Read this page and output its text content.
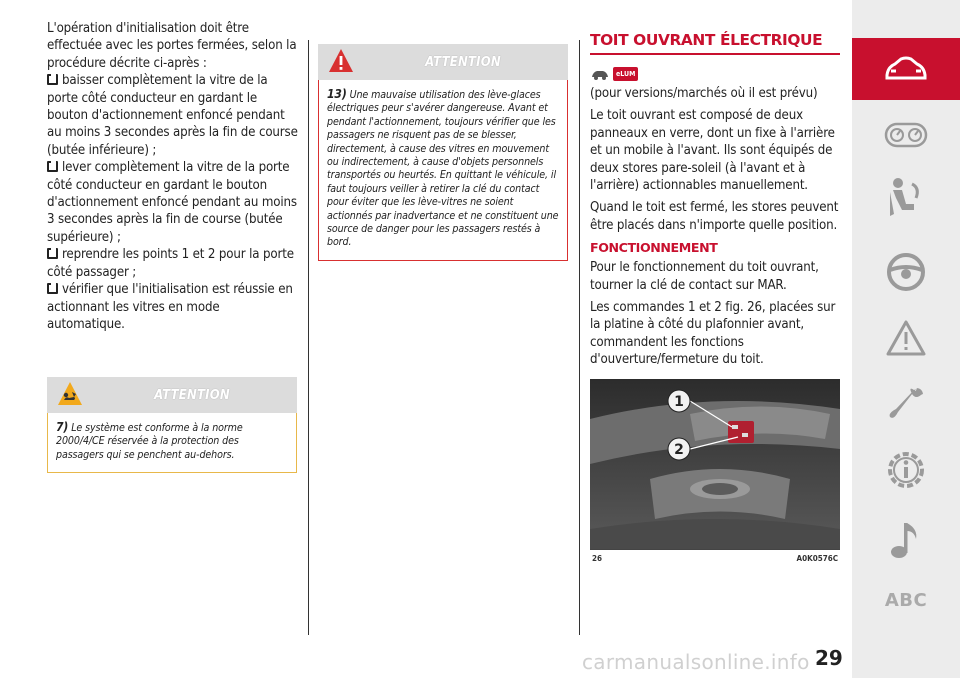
L'opération d'initialisation doit être effectuée avec les portes fermées, selon la procédure décrite ci-après :

baisser complètement la vitre de la porte côté conducteur en gardant le bouton d'actionnement enfoncé pendant au moins 3 secondes après la fin de course (butée inférieure) ;

lever complètement la vitre de la porte côté conducteur en gardant le bouton d'actionnement enfoncé pendant au moins 3 secondes après la fin de course (butée supérieure) ;

reprendre les points 1 et 2 pour la porte côté passager ;

vérifier que l'initialisation est réussie en actionnant les vitres en mode automatique.

ATTENTION
7) Le système est conforme à la norme 2000/4/CE réservée à la protection des passagers qui se penchent au-dehors.
ATTENTION
13) Une mauvaise utilisation des lève-glaces électriques peur s'avérer dangereuse. Avant et pendant l'actionnement, toujours vérifier que les passagers ne risquent pas de se blesser, directement, à cause des vitres en mouvement ou indirectement, à cause d'objets personnels transportés ou heurtés. En quittant le véhicule, il faut toujours veiller à retirer la clé du contact pour éviter que les lève-vitres ne soient actionnés par inadvertance et ne constituent une source de danger pour les passagers restés à bord.
TOIT OUVRANT ÉLECTRIQUE
eLUM

(pour versions/marchés où il est prévu)

Le toit ouvrant est composé de deux panneaux en verre, dont un fixe à l'arrière et un mobile à l'avant. Ils sont équipés de deux stores pare-soleil (à l'avant et à l'arrière) actionnables manuellement.

Quand le toit est fermé, les stores peuvent être placés dans n'importe quelle position.

FONCTIONNEMENT

Pour le fonctionnement du toit ouvrant, tourner la clé de contact sur MAR.

Les commandes 1 et 2 fig. 26, placées sur la platine à côté du plafonnier avant, commandent les fonctions d'ouverture/fermeture du toit.

1
2
26	A0K0576C
ABC
29
carmanualsonline.info
